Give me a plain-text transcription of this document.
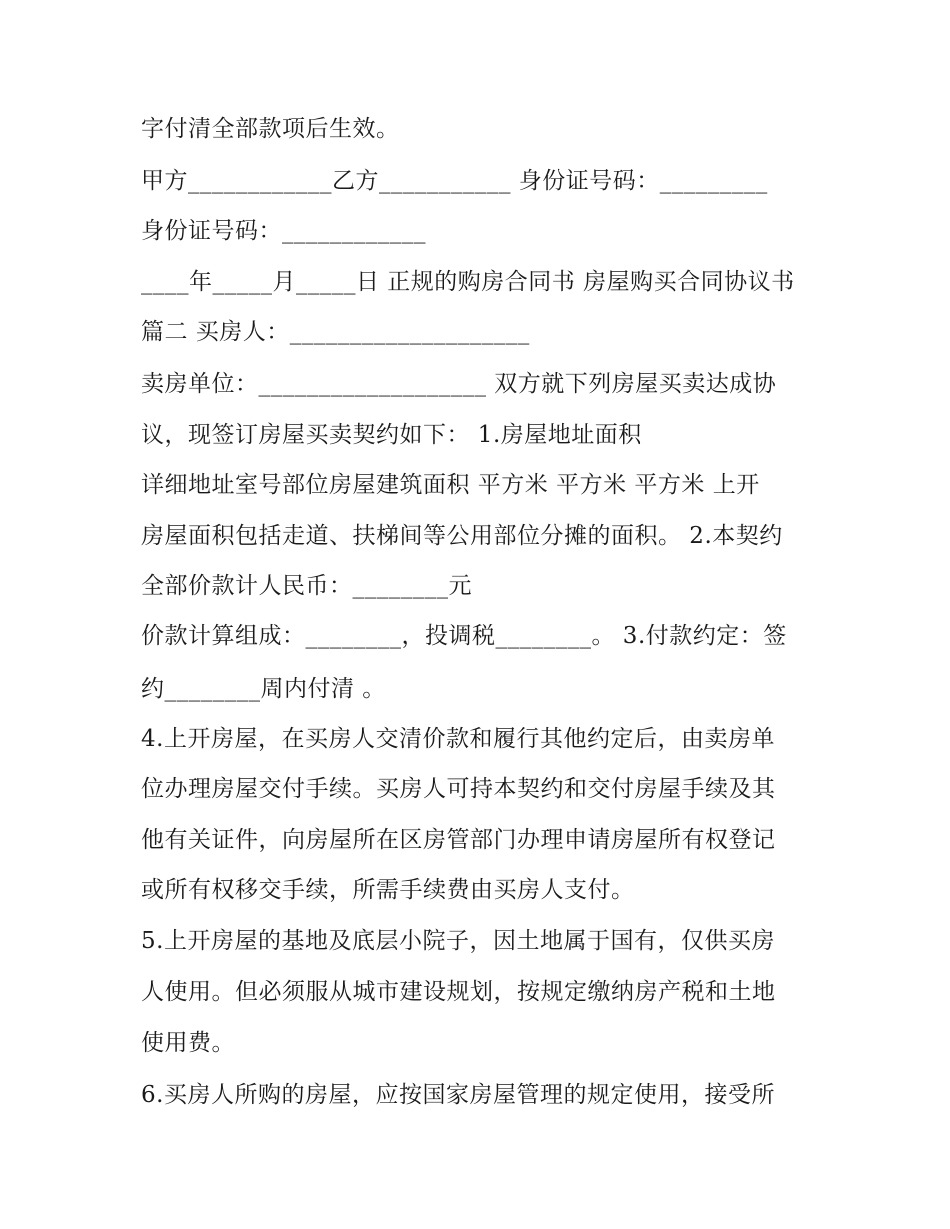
字付清全部款项后生效。
甲方____________乙方___________ 身份证号码：_________
身份证号码：____________
____年_____月_____日 正规的购房合同书 房屋购买合同协议书
篇二 买房人：____________________
卖房单位：___________________ 双方就下列房屋买卖达成协
议，现签订房屋买卖契约如下： 1.房屋地址面积
详细地址室号部位房屋建筑面积 平方米 平方米 平方米 上开
房屋面积包括走道、扶梯间等公用部位分摊的面积。 2.本契约
全部价款计人民币：________元
价款计算组成：________，投调税________。 3.付款约定：签
约________周内付清 。
4.上开房屋，在买房人交清价款和履行其他约定后，由卖房单
位办理房屋交付手续。买房人可持本契约和交付房屋手续及其
他有关证件，向房屋所在区房管部门办理申请房屋所有权登记
或所有权移交手续，所需手续费由买房人支付。
5.上开房屋的基地及底层小院子，因土地属于国有，仅供买房
人使用。但必须服从城市建设规划，按规定缴纳房产税和土地
使用费。
6.买房人所购的房屋，应按国家房屋管理的规定使用，接受所
